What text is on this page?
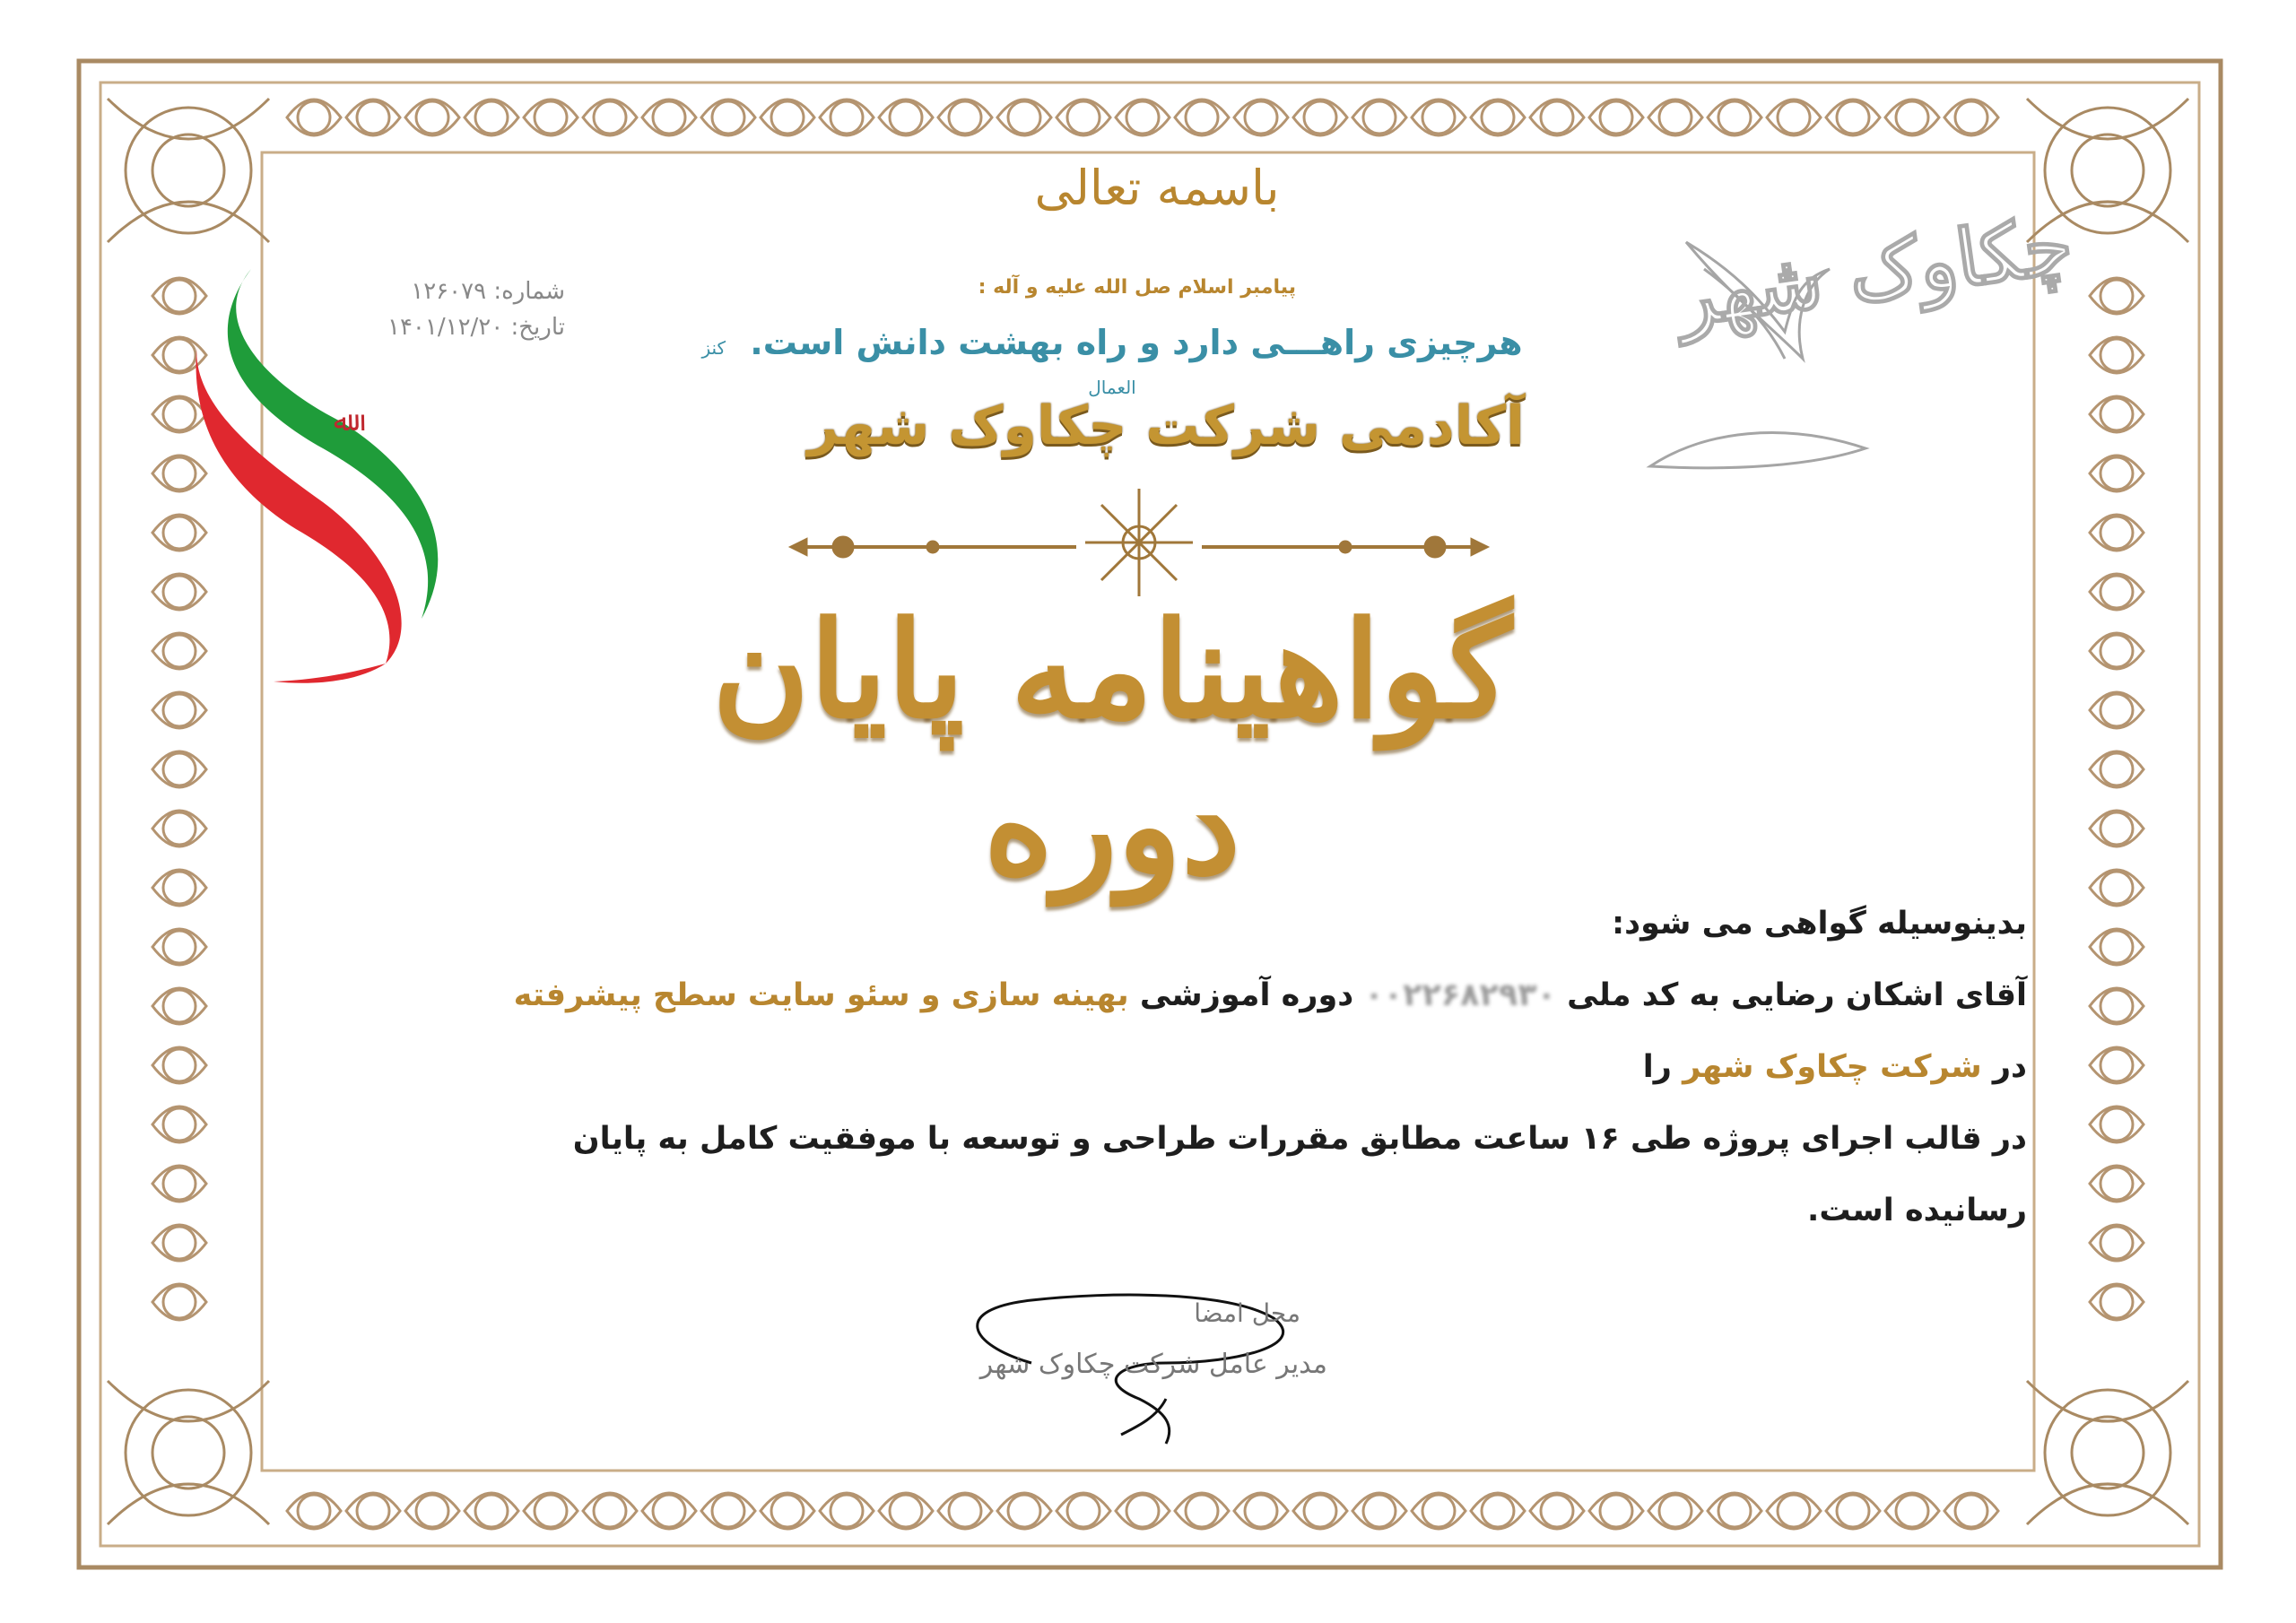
ﷲ
باسمه تعالی
پیامبر اسلام صل الله علیه و آله :
هرچیزی راهـــی دارد و راه بهشت دانش است. کنز العمال
آکادمی شرکت چکاوک شهر
گواهینامه پایان دوره
شماره: ۱۲۶۰۷۹
تاریخ: ۱۴۰۱/۱۲/۲۰	چکاوک شهر
بدینوسیله گواهی می شود:
آقای اشکان رضایی به کد ملی ۰۰۲۲۶۸۲۹۳۰ دوره آموزشی بهینه سازی و سئو سایت سطح پیشرفته در شرکت چکاوک شهر را
در قالب اجرای پروژه طی ۱۶ ساعت مطابق مقررات طراحی و توسعه با موفقیت کامل به پایان رسانیده است.
محل امضا
مدیر عامل شرکت چکاوک شهر
